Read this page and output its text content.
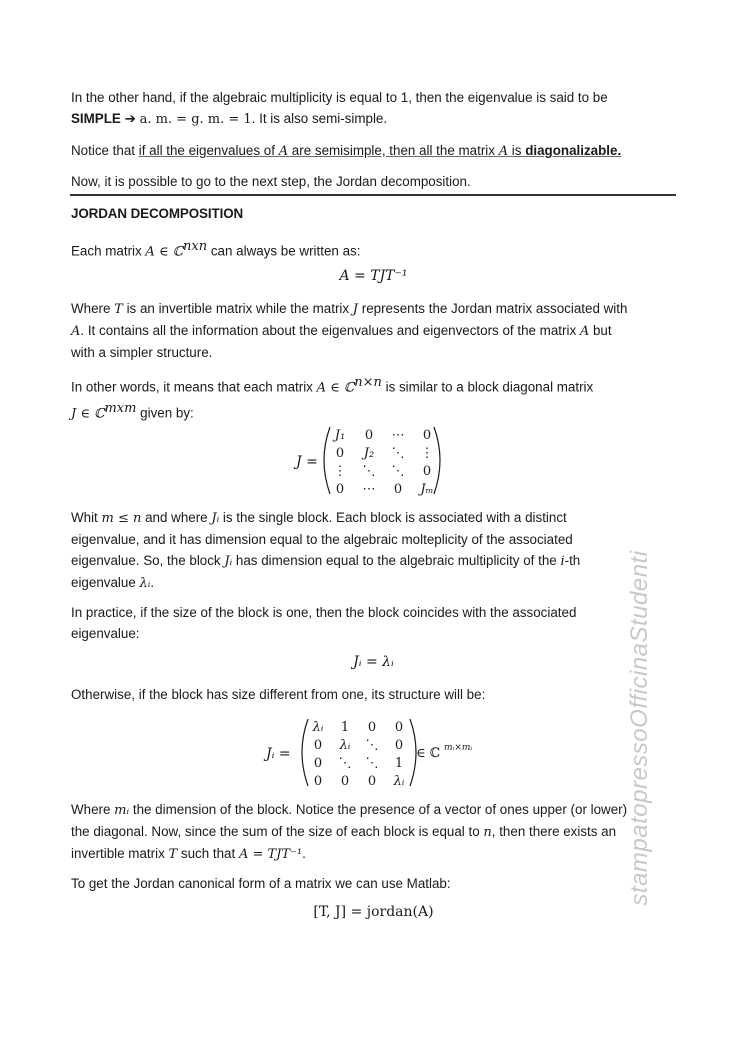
stampatopressoOfficinaStudenti

In the other hand, if the algebraic multiplicity is equal to 1, then the eigenvalue is said to be
SIMPLE ➔ a. m. = g. m. = 1. It is also semi-simple.

Notice that if all the eigenvalues of A are semisimple, then all the matrix A is diagonalizable.

Now, it is possible to go to the next step, the Jordan decomposition.

JORDAN DECOMPOSITION

Each matrix A ∈ ℂ$^{nxn}$ can always be written as:

A = TJT⁻¹

Where T is an invertible matrix while the matrix J represents the Jordan matrix associated with
A. It contains all the information about the eigenvalues and eigenvectors of the matrix A but
with a simpler structure.

In other words, it means that each matrix A ∈ ℂ$^{n\times n}$ is similar to a block diagonal matrix
J ∈ ℂ$^{mxm}$ given by:

J =
J₁ 0 ⋯ 0
0 J₂ ⋱ ⋮
⋮ ⋱ ⋱ 0
0 ⋯ 0 Jₘ

Whit m ≤ n and where Jᵢ is the single block. Each block is associated with a distinct
eigenvalue, and it has dimension equal to the algebraic molteplicity of the associated
eigenvalue. So, the block Jᵢ has dimension equal to the algebraic multiplicity of the i-th
eigenvalue λᵢ.

In practice, if the size of the block is one, then the block coincides with the associated
eigenvalue:

Jᵢ = λᵢ

Otherwise, if the block has size different from one, its structure will be:

Jᵢ =
λᵢ 1 0 0
0 λᵢ ⋱ 0
0 ⋱ ⋱ 1
0 0 0 λᵢ
∈ ℂ mᵢ×mᵢ

Where mᵢ the dimension of the block. Notice the presence of a vector of ones upper (or lower)
the diagonal. Now, since the sum of the size of each block is equal to n, then there exists an
invertible matrix T such that A = TJT⁻¹.

To get the Jordan canonical form of a matrix we can use Matlab:

[T, J] = jordan(A)
